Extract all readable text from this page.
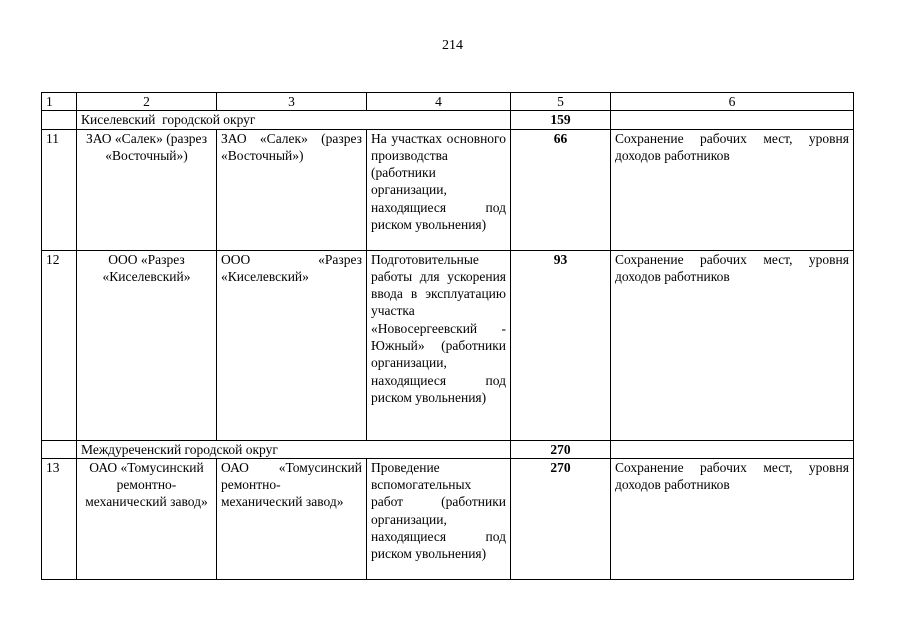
214
1	2	3	4	5	6
	Киселевский  городской округ			159	
11	ЗАО «Салек» (разрез «Восточный»)	ЗАО «Салек» (разрез «Восточный»)	На участках основного производства (работники организации, находящиеся под риском увольнения)	66	Сохранение рабочих мест, уровня доходов работников
12	ООО «Разрез «Киселевский»	ООО «Разрез «Киселевский»	Подготовительные работы для ускорения ввода в эксплуатацию участка «Новосергеевский - Южный» (работники организации, находящиеся под риском увольнения)	93	Сохранение рабочих мест, уровня доходов работников
	Междуреченский городской округ			270	
13	ОАО «Томусинский ремонтно-механический завод»	ОАО «Томусинский ремонтно-механический завод»	Проведение вспомогательных работ (работники организации, находящиеся под риском увольнения)	270	Сохранение рабочих мест, уровня доходов работников
